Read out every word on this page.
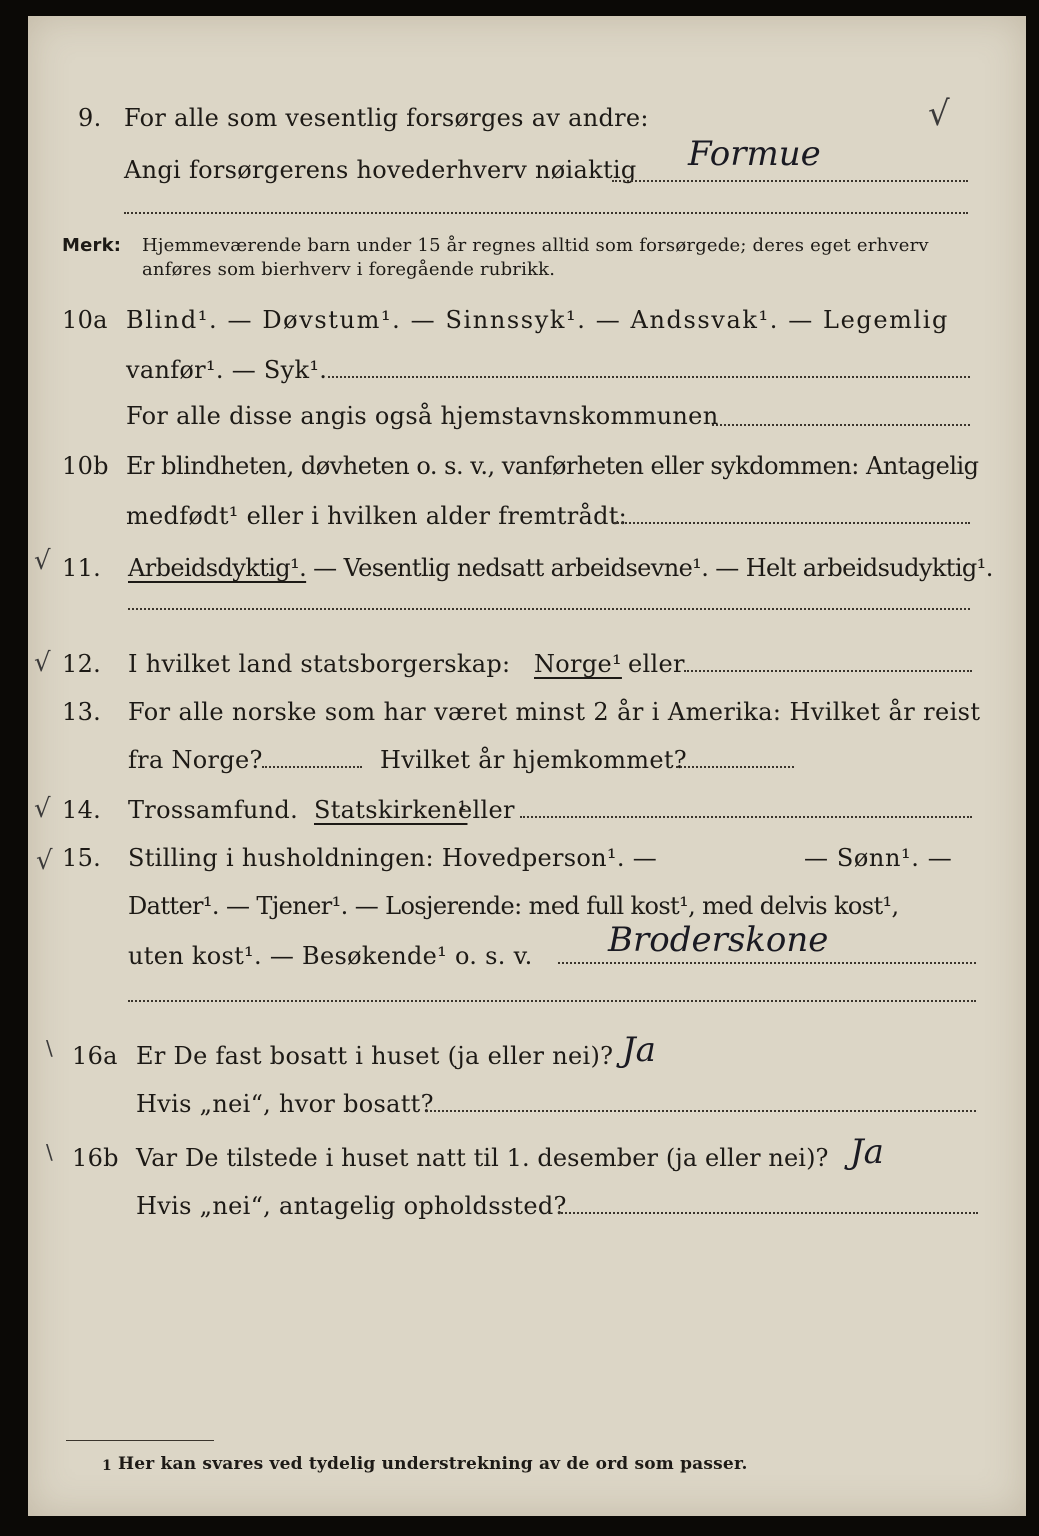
9. For alle som vesentlig forsørges av andre:	√
Angi forsørgerens hovederhverv nøiaktig Formue
Merk: Hjemmeværende barn under 15 år regnes alltid som forsørgede; deres eget erhverv
anføres som bierhverv i foregående rubrikk.
10a Blind¹. — Døvstum¹. — Sinnssyk¹. — Andssvak¹. — Legemlig
vanfør¹. — Syk¹.
For alle disse angis også hjemstavnskommunen
10b Er blindheten, døvheten o. s. v., vanførheten eller sykdommen: Antagelig
medfødt¹ eller i hvilken alder fremtrådt:
√ 11. Arbeidsdyktig¹. — Vesentlig nedsatt arbeidsevne¹. — Helt arbeidsudyktig¹.
√ 12. I hvilket land statsborgerskap: Norge¹ eller
13. For alle norske som har været minst 2 år i Amerika: Hvilket år reist
fra Norge?	Hvilket år hjemkommet?
√ 14. Trossamfund. Statskirken¹
eller
√ 15. Stilling i husholdningen: Hovedperson¹. —	— Sønn¹. —
Datter¹. — Tjener¹. — Losjerende: med full kost¹, med delvis kost¹,
uten kost¹. — Besøkende¹ o. s. v. Broderskone
\ 16a Er De fast bosatt i huset (ja eller nei)? Ja
Hvis „nei“, hvor bosatt?
\ 16b Var De tilstede i huset natt til 1. desember (ja eller nei)? Ja
Hvis „nei“, antagelig opholdssted?
1 Her kan svares ved tydelig understrekning av de ord som passer.
